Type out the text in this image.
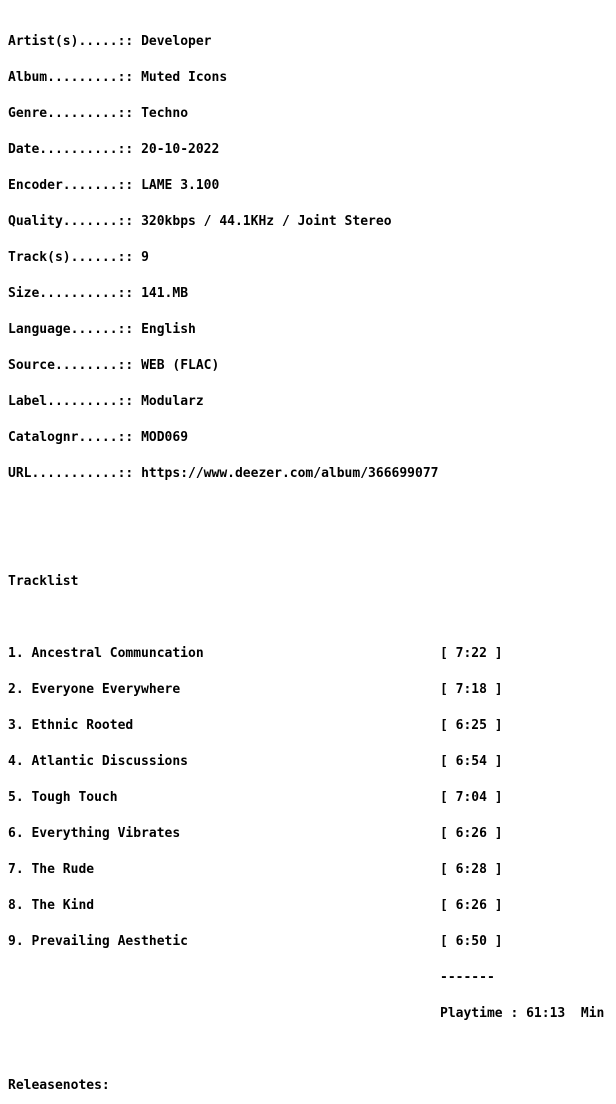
Artist(s).....:: Developer

Album.........:: Muted Icons

Genre.........:: Techno

Date..........:: 20-10-2022

Encoder.......:: LAME 3.100

Quality.......:: 320kbps / 44.1KHz / Joint Stereo

Track(s)......:: 9

Size..........:: 141.MB

Language......:: English

Source........:: WEB (FLAC)

Label.........:: Modularz

Catalognr.....:: MOD069

URL...........:: https://www.deezer.com/album/366699077

Tracklist

1. Ancestral Communcation	[ 7:22 ]

2. Everyone Everywhere	[ 7:18 ]

3. Ethnic Rooted	[ 6:25 ]

4. Atlantic Discussions	[ 6:54 ]

5. Tough Touch	[ 7:04 ]

6. Everything Vibrates	[ 6:26 ]

7. The Rude	[ 6:28 ]

8. The Kind	[ 6:26 ]

9. Prevailing Aesthetic	[ 6:50 ]

-------

Playtime : 61:13  Min

Releasenotes:
